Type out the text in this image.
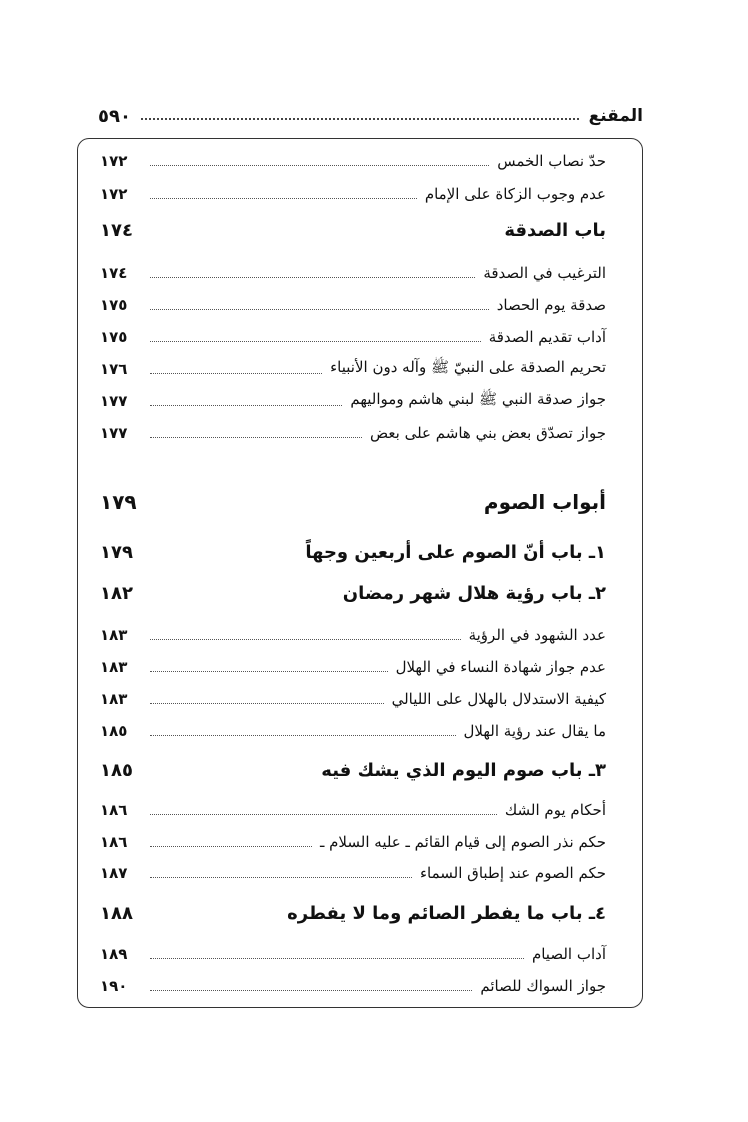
المقنع
٥٩٠
حدّ نصاب الخمس
١٧٢
عدم وجوب الزكاة على الإمام
١٧٢
باب الصدقة
١٧٤
الترغيب في الصدقة
١٧٤
صدقة يوم الحصاد
١٧٥
آداب تقديم الصدقة
١٧٥
تحريم الصدقة على النبيّ ﷺ وآله دون الأنبياء
١٧٦
جواز صدقة النبي ﷺ لبني هاشم ومواليهم
١٧٧
جواز تصدّق بعض بني هاشم على بعض
١٧٧
أبواب الصوم
١٧٩
١ـ باب أنّ الصوم على أربعين وجهاً
١٧٩
٢ـ باب رؤية هلال شهر رمضان
١٨٢
عدد الشهود في الرؤية
١٨٣
عدم جواز شهادة النساء في الهلال
١٨٣
كيفية الاستدلال بالهلال على الليالي
١٨٣
ما يقال عند رؤية الهلال
١٨٥
٣ـ باب صوم اليوم الذي يشك فيه
١٨٥
أحكام يوم الشك
١٨٦
حكم نذر الصوم إلى قيام القائم ـ عليه السلام ـ
١٨٦
حكم الصوم عند إطباق السماء
١٨٧
٤ـ باب ما يفطر الصائم وما لا يفطره
١٨٨
آداب الصيام
١٨٩
جواز السواك للصائم
١٩٠
